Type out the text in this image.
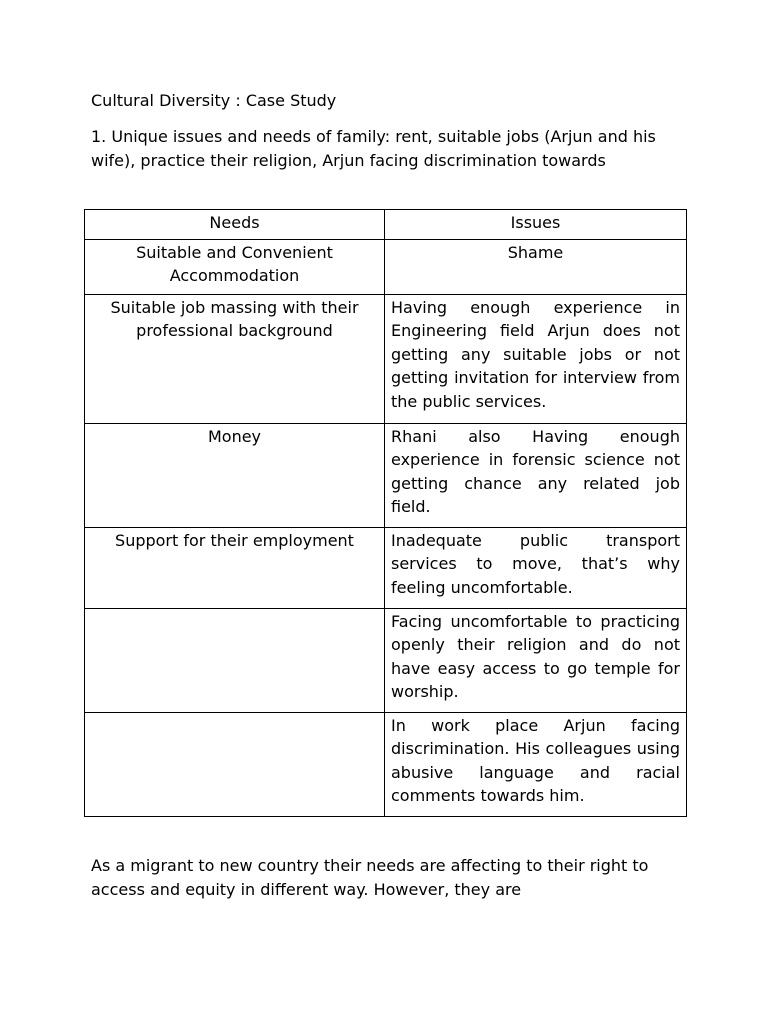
Cultural Diversity : Case Study

1. Unique issues and needs of family: rent, suitable jobs (Arjun and his wife), practice their religion, Arjun facing discrimination towards

Needs	Issues
Suitable and Convenient Accommodation	Shame
Suitable job massing with their professional background	Having enough experience in Engineering field Arjun does not getting any suitable jobs or not getting invitation for interview from the public services.
Money	Rhani also Having enough experience in forensic science not getting chance any related job field.
Support for their employment	Inadequate public transport services to move, that’s why feeling uncomfortable.
	Facing uncomfortable to practicing openly their religion and do not have easy access to go temple for worship.
	In work place Arjun facing discrimination. His colleagues using abusive language and racial comments towards him.

As a migrant to new country their needs are affecting to their right to access and equity in different way. However, they are
